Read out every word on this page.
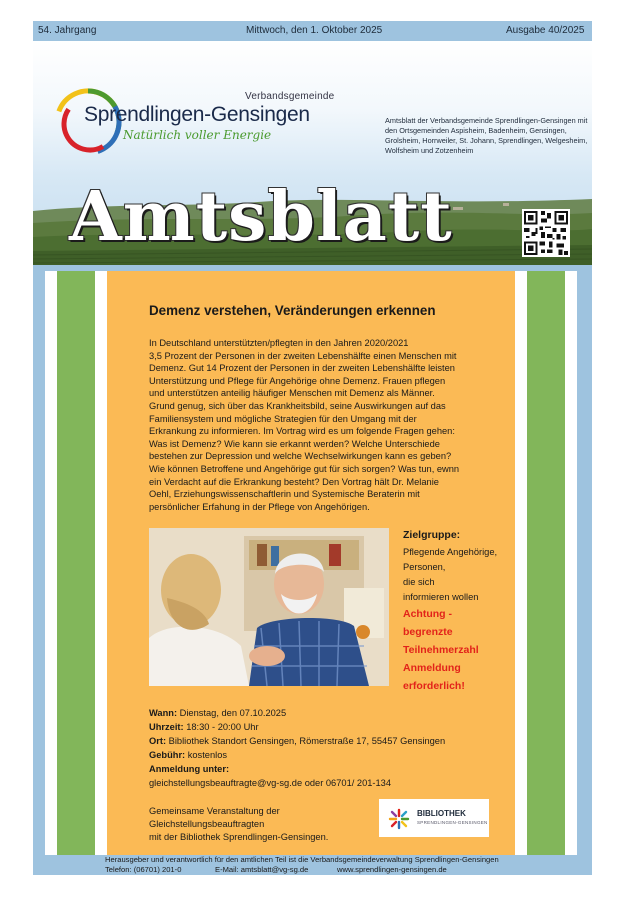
54. Jahrgang	Mittwoch, den 1. Oktober 2025	Ausgabe 40/2025
Verbandsgemeinde
Sprendlingen-Gensingen
Natürlich voller Energie
Amtsblatt der Verbandsgemeinde Sprendlingen-Gensingen mit den Ortsgemeinden Aspisheim, Badenheim, Gensingen, Grolsheim, Horrweiler, St. Johann, Sprendlingen, Welgesheim, Wolfsheim und Zotzenheim
Amtsblatt
Demenz verstehen, Veränderungen erkennen

In Deutschland unterstützten/pflegten in den Jahren 2020/2021
3,5 Prozent der Personen in der zweiten Lebenshälfte einen Menschen mit
Demenz. Gut 14 Prozent der Personen in der zweiten Lebenshälfte leisten
Unterstützung und Pflege für Angehörige ohne Demenz. Frauen pflegen
und unterstützen anteilig häufiger Menschen mit Demenz als Männer.
Grund genug, sich über das Krankheitsbild, seine Auswirkungen auf das
Familiensystem und mögliche Strategien für den Umgang mit der
Erkrankung zu informieren. Im Vortrag wird es um folgende Fragen gehen:
Was ist Demenz? Wie kann sie erkannt werden? Welche Unterschiede
bestehen zur Depression und welche Wechselwirkungen kann es geben?
Wie können Betroffene und Angehörige gut für sich sorgen? Was tun, ewnn
ein Verdacht auf die Erkrankung besteht? Den Vortrag hält Dr. Melanie
Oehl, Erziehungswissenschaftlerin und Systemische Beraterin mit
persönlicher Erfahung in der Pflege von Angehörigen.

Zielgruppe:
Pflegende Angehörige,
Personen,
die sich
informieren wollen
Achtung -
begrenzte
Teilnehmerzahl
Anmeldung
erforderlich!
Wann: Dienstag, den 07.10.2025
Uhrzeit: 18:30 - 20:00 Uhr
Ort: Bibliothek Standort Gensingen, Römerstraße 17, 55457 Gensingen
Gebühr: kostenlos
Anmeldung unter:
gleichstellungsbeauftragte@vg-sg.de oder 06701/ 201-134
Gemeinsame Veranstaltung der
Gleichstellungsbeauftragten
mit der Bibliothek Sprendlingen-Gensingen.
BIBLIOTHEK
SPRENDLINGEN-GENSINGEN
Herausgeber und verantwortlich für den amtlichen Teil ist die Verbandsgemeindeverwaltung Sprendlingen-Gensingen
Telefon: (06701) 201-0	E-Mail: amtsblatt@vg-sg.de	www.sprendlingen-gensingen.de
